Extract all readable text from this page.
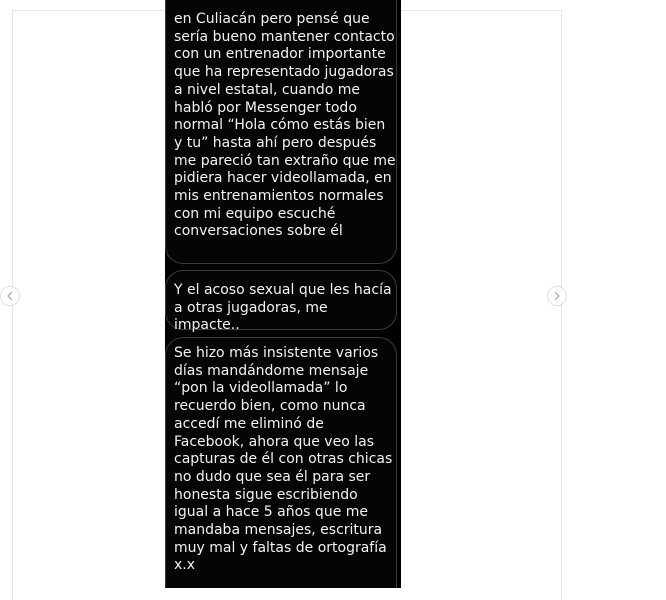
en Culiacán pero pensé que
sería bueno mantener contacto
con un entrenador importante
que ha representado jugadoras
a nivel estatal, cuando me
habló por Messenger todo
normal “Hola cómo estás bien
y tu” hasta ahí pero después
me pareció tan extraño que me
pidiera hacer videollamada, en
mis entrenamientos normales
con mi equipo escuché
conversaciones sobre él

Y el acoso sexual que les hacía
a otras jugadoras, me impacte..

Se hizo más insistente varios
días mandándome mensaje
“pon la videollamada” lo
recuerdo bien, como nunca
accedí me eliminó de
Facebook, ahora que veo las
capturas de él con otras chicas
no dudo que sea él para ser
honesta sigue escribiendo
igual a hace 5 años que me
mandaba mensajes, escritura
muy mal y faltas de ortografía
x.x
